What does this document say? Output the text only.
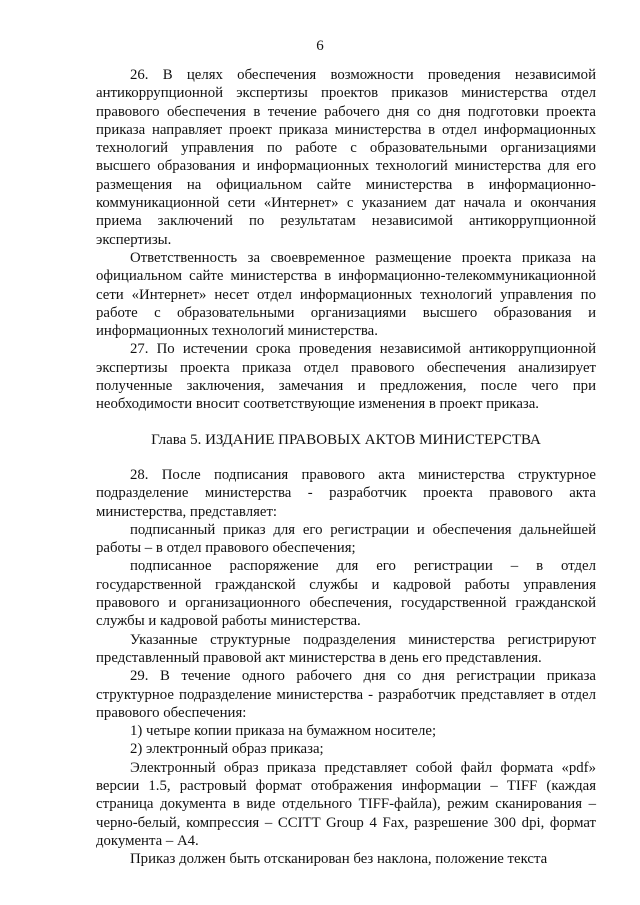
6

26. В целях обеспечения возможности проведения независимой антикоррупционной экспертизы проектов приказов министерства отдел правового обеспечения в течение рабочего дня со дня подготовки проекта приказа направляет проект приказа министерства в отдел информационных технологий управления по работе с образовательными организациями высшего образования и информационных технологий министерства для его размещения на официальном сайте министерства в информационно-коммуникационной сети «Интернет» с указанием дат начала и окончания приема заключений по результатам независимой антикоррупционной экспертизы.

Ответственность за своевременное размещение проекта приказа на официальном сайте министерства в информационно-телекоммуникационной сети «Интернет» несет отдел информационных технологий управления по работе с образовательными организациями высшего образования и информационных технологий министерства.

27. По истечении срока проведения независимой антикоррупционной экспертизы проекта приказа отдел правового обеспечения анализирует полученные заключения, замечания и предложения, после чего при необходимости вносит соответствующие изменения в проект приказа.

Глава 5. ИЗДАНИЕ ПРАВОВЫХ АКТОВ МИНИСТЕРСТВА

28. После подписания правового акта министерства структурное подразделение министерства - разработчик проекта правового акта министерства, представляет:

подписанный приказ для его регистрации и обеспечения дальнейшей работы – в отдел правового обеспечения;

подписанное распоряжение для его регистрации – в отдел государственной гражданской службы и кадровой работы управления правового и организационного обеспечения, государственной гражданской службы и кадровой работы министерства.

Указанные структурные подразделения министерства регистрируют представленный правовой акт министерства в день его представления.

29. В течение одного рабочего дня со дня регистрации приказа структурное подразделение министерства - разработчик представляет в отдел правового обеспечения:

1) четыре копии приказа на бумажном носителе;

2) электронный образ приказа;

Электронный образ приказа представляет собой файл формата «pdf» версии 1.5, растровый формат отображения информации – TIFF (каждая страница документа в виде отдельного TIFF-файла), режим сканирования – черно-белый, компрессия – CCITT Group 4 Fax, разрешение 300 dpi, формат документа – А4.

Приказ должен быть отсканирован без наклона, положение текста
